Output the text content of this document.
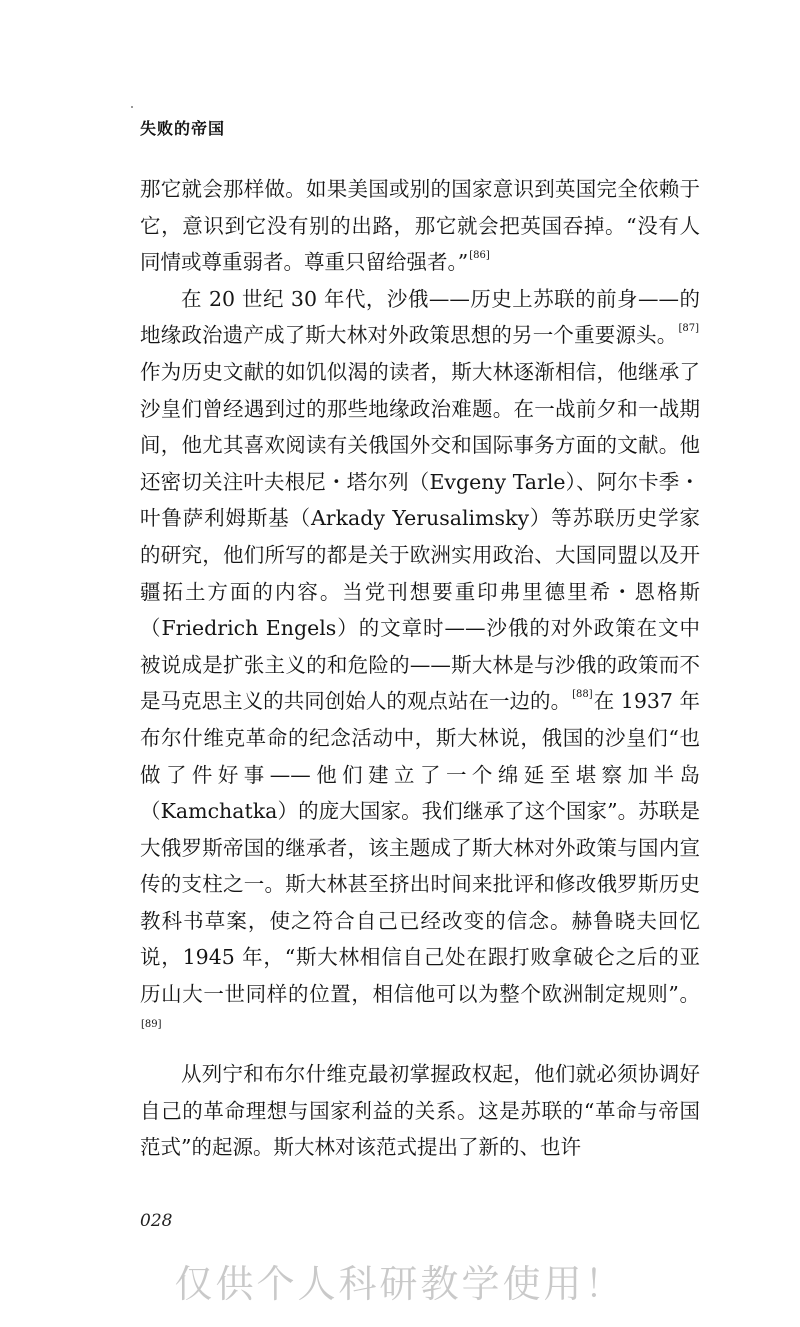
失败的帝国

那它就会那样做。如果美国或别的国家意识到英国完全依赖于它，意识到它没有别的出路，那它就会把英国吞掉。“没有人同情或尊重弱者。尊重只留给强者。”[86]

在 20 世纪 30 年代，沙俄——历史上苏联的前身——的地缘政治遗产成了斯大林对外政策思想的另一个重要源头。[87]作为历史文献的如饥似渴的读者，斯大林逐渐相信，他继承了沙皇们曾经遇到过的那些地缘政治难题。在一战前夕和一战期间，他尤其喜欢阅读有关俄国外交和国际事务方面的文献。他还密切关注叶夫根尼・塔尔列（Evgeny Tarle）、阿尔卡季・叶鲁萨利姆斯基（Arkady Yerusalimsky）等苏联历史学家的研究，他们所写的都是关于欧洲实用政治、大国同盟以及开疆拓土方面的内容。当党刊想要重印弗里德里希・恩格斯（Friedrich Engels）的文章时——沙俄的对外政策在文中被说成是扩张主义的和危险的——斯大林是与沙俄的政策而不是马克思主义的共同创始人的观点站在一边的。[88]在 1937 年布尔什维克革命的纪念活动中，斯大林说，俄国的沙皇们“也做了件好事——他们建立了一个绵延至堪察加半岛（Kamchatka）的庞大国家。我们继承了这个国家”。苏联是大俄罗斯帝国的继承者，该主题成了斯大林对外政策与国内宣传的支柱之一。斯大林甚至挤出时间来批评和修改俄罗斯历史教科书草案，使之符合自己已经改变的信念。赫鲁晓夫回忆说，1945 年，“斯大林相信自己处在跟打败拿破仑之后的亚历山大一世同样的位置，相信他可以为整个欧洲制定规则”。[89]

从列宁和布尔什维克最初掌握政权起，他们就必须协调好自己的革命理想与国家利益的关系。这是苏联的“革命与帝国范式”的起源。斯大林对该范式提出了新的、也许

028
仅供个人科研教学使用！
